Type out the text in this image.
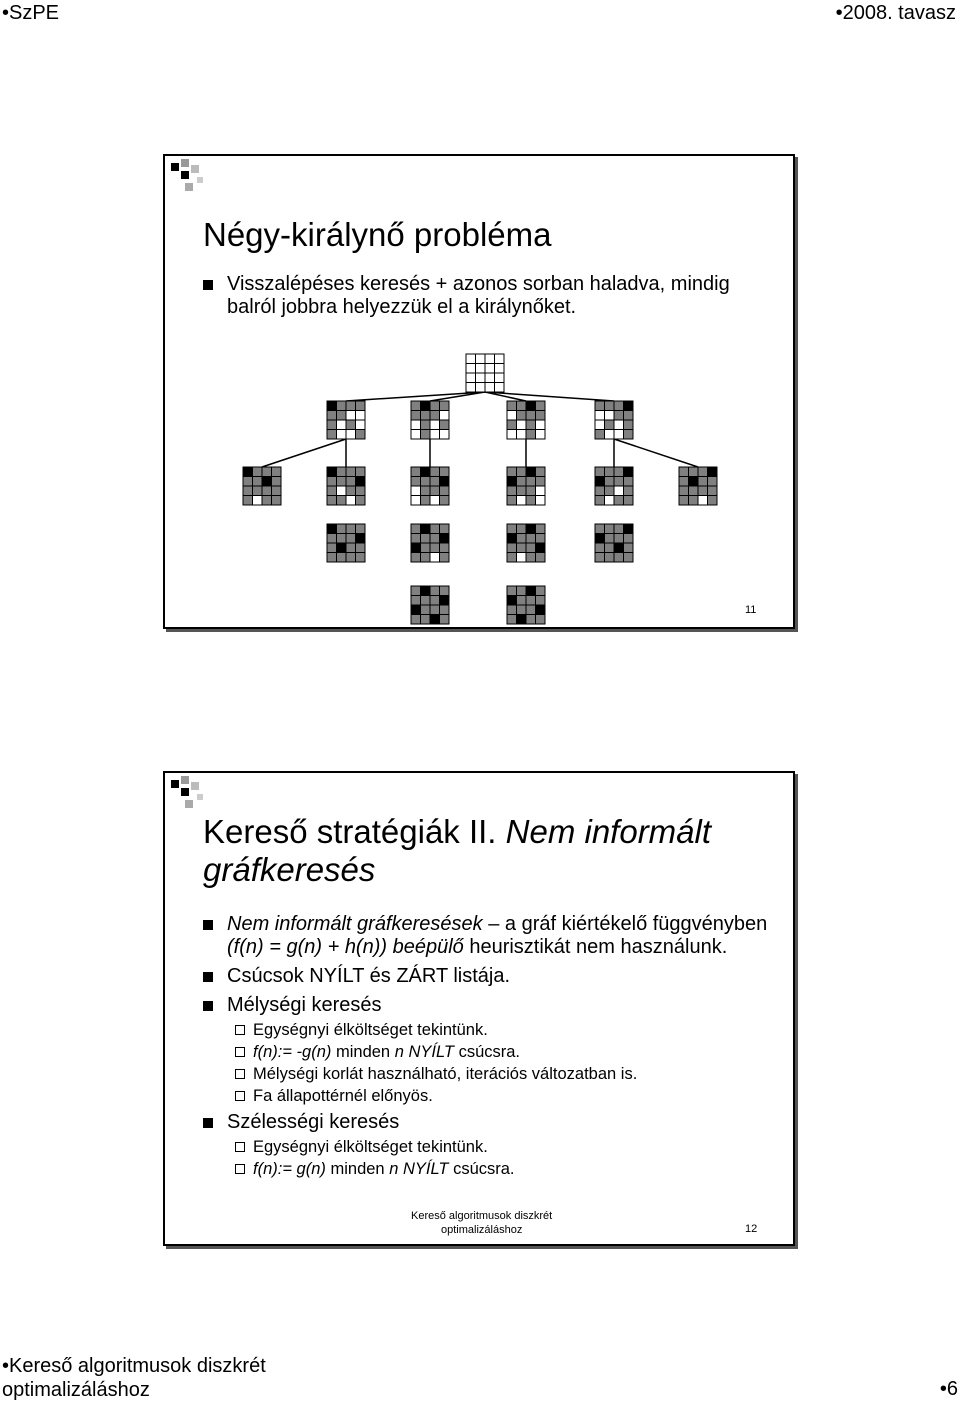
•SzPE	•2008. tavasz
Négy-királynő probléma
Visszalépéses keresés + azonos sorban haladva, mindig balról jobbra helyezzük el a királynőket.
11
Kereső stratégiák II. Nem informált gráfkeresés
Nem informált gráfkeresések – a gráf kiértékelő függvényben (f(n) = g(n) + h(n)) beépülő heurisztikát nem használunk.
Csúcsok NYÍLT és ZÁRT listája.
Mélységi keresés
Egységnyi élköltséget tekintünk.
f(n):= -g(n) minden n NYÍLT csúcsra.
Mélységi korlát használható, iterációs változatban is.
Fa állapottérnél előnyös.
Szélességi keresés
Egységnyi élköltséget tekintünk.
f(n):= g(n) minden n NYÍLT csúcsra.
Kereső algoritmusok diszkrét
optimalizáláshoz	12
•Kereső algoritmusok diszkrét
optimalizáláshoz	•6
